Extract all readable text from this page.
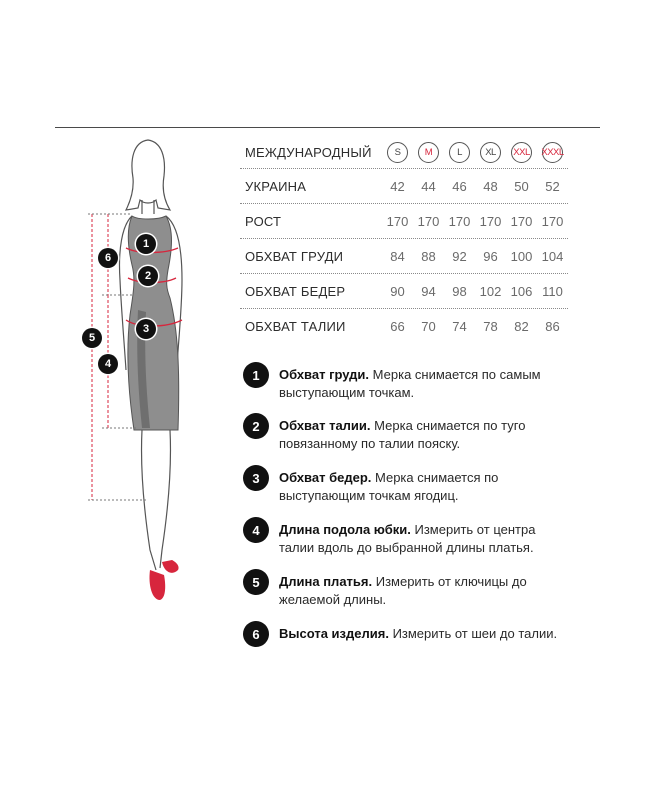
1
2
3
4
5
6
МЕЖДУНАРОДНЫЙ	S	M	L	XL	XXL XXXL
УКРАИНА	42	44	46	48	50	52
РОСТ	170 170 170 170 170 170
ОБХВАТ ГРУДИ	84	88	92	96 100 104
ОБХВАТ БЕДЕР	90	94	98 102 106 110
ОБХВАТ ТАЛИИ	66	70	74	78	82	86
1	Обхват груди. Мерка снимается по самым выступающим точкам.
2	Обхват талии. Мерка снимается по туго повязанному по талии пояску.
3	Обхват бедер. Мерка снимается по выступающим точкам ягодиц.
4	Длина подола юбки. Измерить от центра талии вдоль до выбранной длины платья.
5	Длина платья. Измерить от ключицы до желаемой длины.
6	Высота изделия. Измерить от шеи до талии.
